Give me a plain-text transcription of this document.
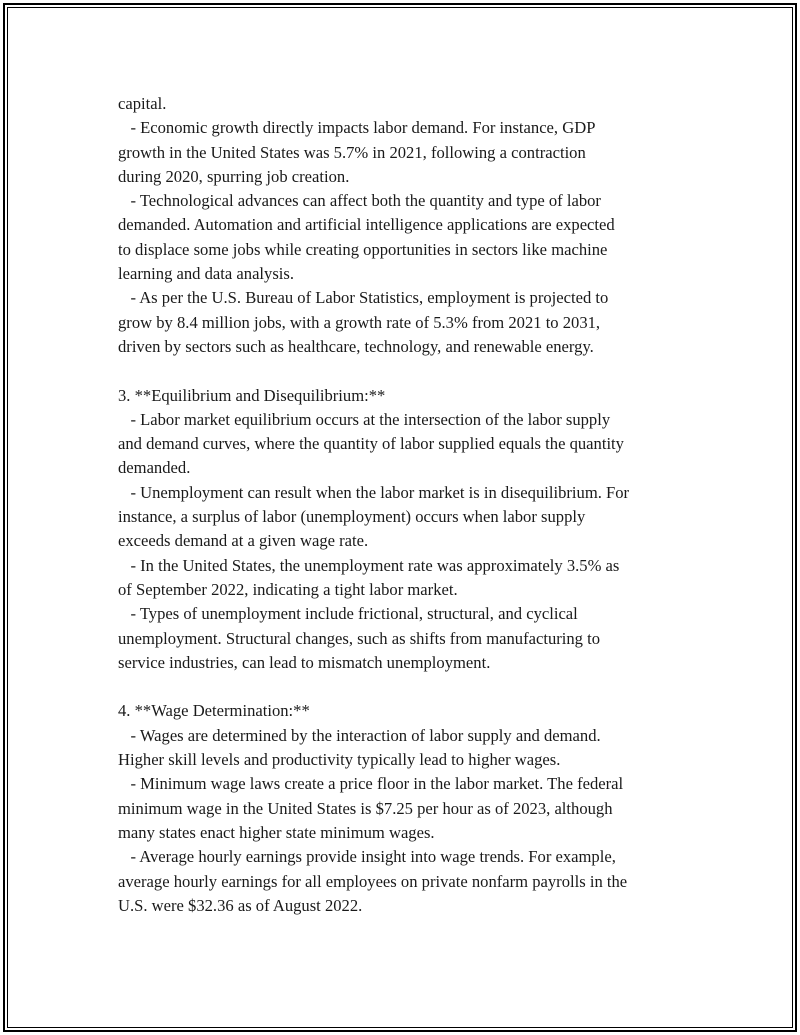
capital.
- Economic growth directly impacts labor demand. For instance, GDP
growth in the United States was 5.7% in 2021, following a contraction
during 2020, spurring job creation.
- Technological advances can affect both the quantity and type of labor
demanded. Automation and artificial intelligence applications are expected
to displace some jobs while creating opportunities in sectors like machine
learning and data analysis.
- As per the U.S. Bureau of Labor Statistics, employment is projected to
grow by 8.4 million jobs, with a growth rate of 5.3% from 2021 to 2031,
driven by sectors such as healthcare, technology, and renewable energy.
3. **Equilibrium and Disequilibrium:**
- Labor market equilibrium occurs at the intersection of the labor supply
and demand curves, where the quantity of labor supplied equals the quantity
demanded.
- Unemployment can result when the labor market is in disequilibrium. For
instance, a surplus of labor (unemployment) occurs when labor supply
exceeds demand at a given wage rate.
- In the United States, the unemployment rate was approximately 3.5% as
of September 2022, indicating a tight labor market.
- Types of unemployment include frictional, structural, and cyclical
unemployment. Structural changes, such as shifts from manufacturing to
service industries, can lead to mismatch unemployment.
4. **Wage Determination:**
- Wages are determined by the interaction of labor supply and demand.
Higher skill levels and productivity typically lead to higher wages.
- Minimum wage laws create a price floor in the labor market. The federal
minimum wage in the United States is $7.25 per hour as of 2023, although
many states enact higher state minimum wages.
- Average hourly earnings provide insight into wage trends. For example,
average hourly earnings for all employees on private nonfarm payrolls in the
U.S. were $32.36 as of August 2022.
